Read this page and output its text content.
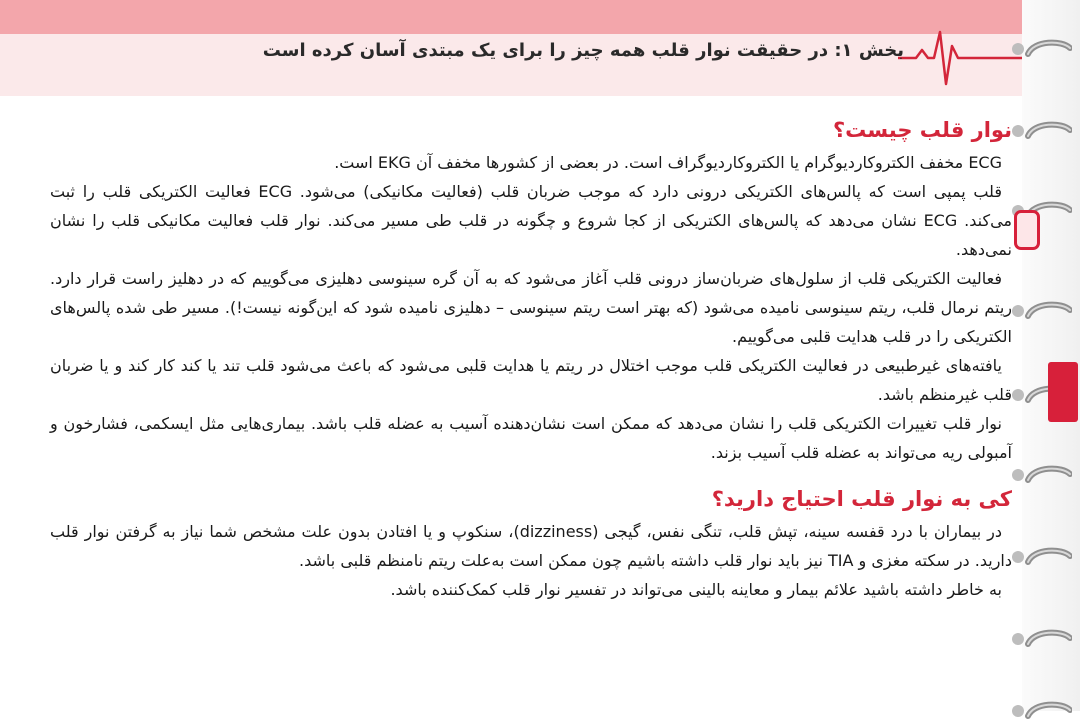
بخش ۱: در حقیقت نوار قلب همه چیز را برای یک مبتدی آسان کرده است
نوار قلب چیست؟

ECG مخفف الکتروکاردیوگرام یا الکتروکاردیوگراف است. در بعضی از کشورها مخفف آن EKG است.

قلب پمپی است که پالس‌های الکتریکی درونی دارد که موجب ضربان قلب (فعالیت مکانیکی) می‌شود. ECG فعالیت الکتریکی قلب را ثبت می‌کند. ECG نشان می‌دهد که پالس‌های الکتریکی از کجا شروع و چگونه در قلب طی مسیر می‌کند. نوار قلب فعالیت مکانیکی قلب را نشان نمی‌دهد.

فعالیت الکتریکی قلب از سلول‌های ضربان‌ساز درونی قلب آغاز می‌شود که به آن گره سینوسی دهلیزی می‌گوییم که در دهلیز راست قرار دارد. ریتم نرمال قلب، ریتم سینوسی نامیده می‌شود (که بهتر است ریتم سینوسی – دهلیزی نامیده شود که این‌گونه نیست!). مسیر طی شده پالس‌های الکتریکی را در قلب هدایت قلبی می‌گوییم.

یافته‌های غیرطبیعی در فعالیت الکتریکی قلب موجب اختلال در ریتم یا هدایت قلبی می‌شود که باعث می‌شود قلب تند یا کند کار کند و یا ضربان قلب غیرمنظم باشد.

نوار قلب تغییرات الکتریکی قلب را نشان می‌دهد که ممکن است نشان‌دهنده آسیب به عضله قلب باشد. بیماری‌هایی مثل ایسکمی، فشارخون و آمبولی ریه می‌تواند به عضله قلب آسیب بزند.

کی به نوار قلب احتیاج دارید؟

در بیماران با درد قفسه سینه، تپش قلب، تنگی نفس، گیجی (dizziness)، سنکوپ و یا افتادن بدون علت مشخص شما نیاز به گرفتن نوار قلب دارید. در سکته مغزی و TIA نیز باید نوار قلب داشته باشیم چون ممکن است به‌علت ریتم نامنظم قلبی باشد.

به خاطر داشته باشید علائم بیمار و معاینه بالینی می‌تواند در تفسیر نوار قلب کمک‌کننده باشد.
